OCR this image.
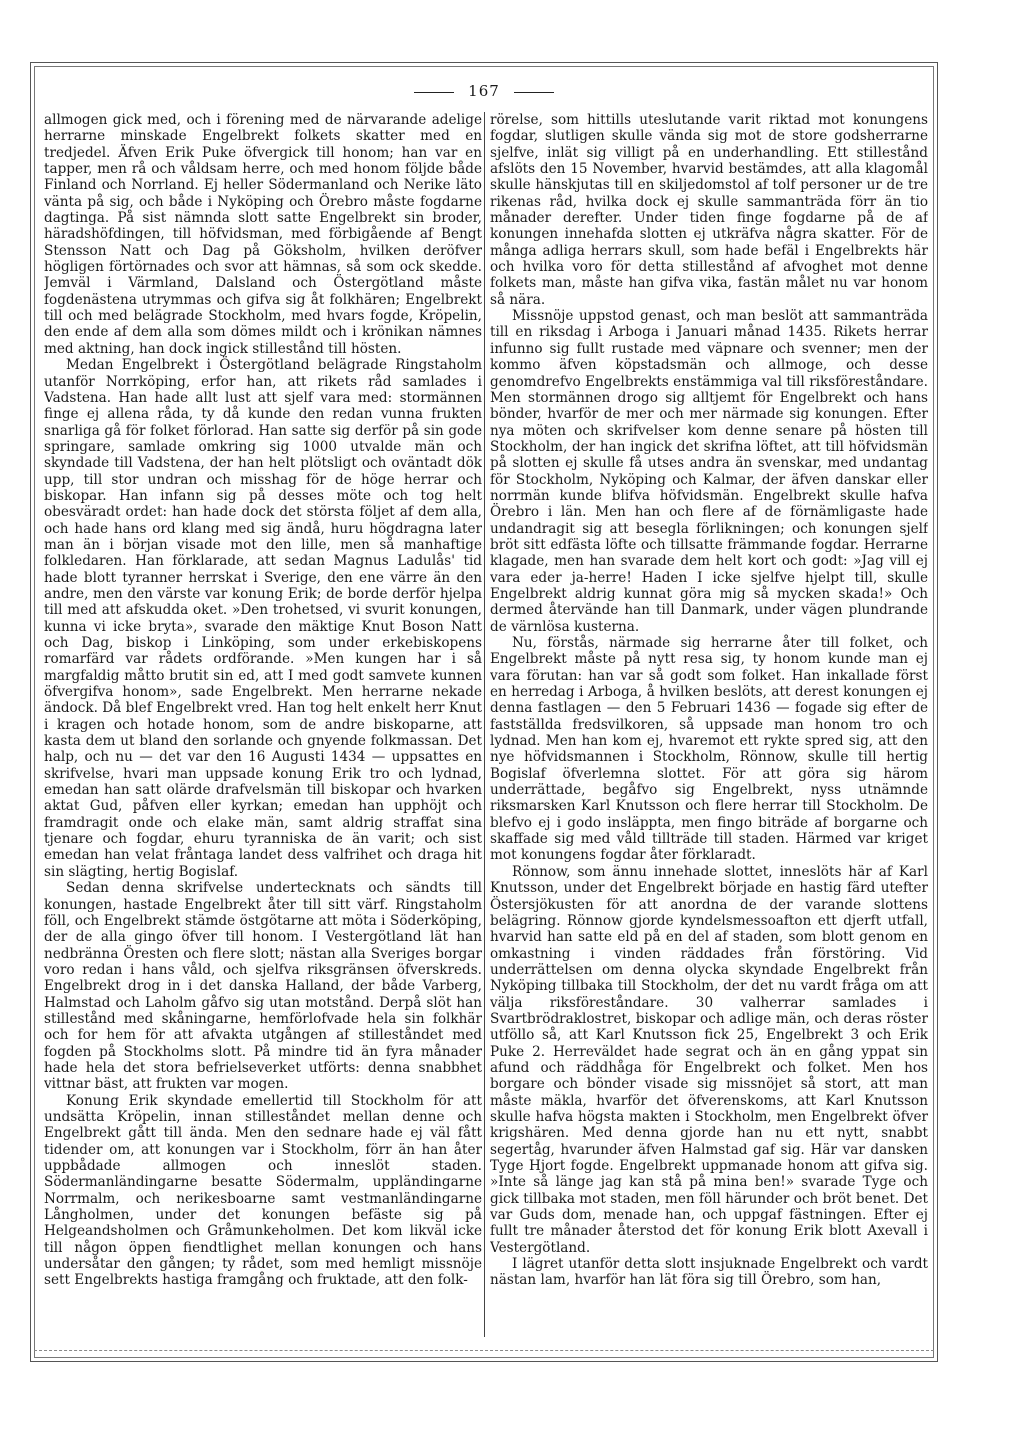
167

allmogen gick med, och i förening med de närvarande adelige herrarne minskade Engelbrekt folkets skatter med en tredjedel. Äfven Erik Puke öfvergick till honom; han var en tapper, men rå och våldsam herre, och med honom följde både Finland och Norrland. Ej heller Södermanland och Nerike läto vänta på sig, och både i Nyköping och Örebro måste fogdarne dagtinga. På sist nämnda slott satte Engelbrekt sin broder, häradshöfdingen, till höfvidsman, med förbigående af Bengt Stensson Natt och Dag på Göksholm, hvilken deröfver högligen förtörnades och svor att hämnas, så som ock skedde. Jemväl i Värmland, Dalsland och Östergötland måste fogdenästena utrymmas och gifva sig åt folkhären; Engelbrekt till och med belägrade Stockholm, med hvars fogde, Kröpelin, den ende af dem alla som dömes mildt och i krönikan nämnes med aktning, han dock ingick stillestånd till hösten.

Medan Engelbrekt i Östergötland belägrade Ringstaholm utanför Norrköping, erfor han, att rikets råd samlades i Vadstena. Han hade allt lust att sjelf vara med: stormännen finge ej allena råda, ty då kunde den redan vunna frukten snarligа gå för folket förlorad. Han satte sig derför på sin gode springare, samlade omkring sig 1000 utvalde män och skyndade till Vadstena, der han helt plötsligt och oväntadt dök upp, till stor undran och misshag för de höge herrar och biskopar. Han infann sig på desses möte och tog helt obesväradt ordet: han hade dock det största följet af dem alla, och hade hans ord klang med sig ändå, huru högdragna later man än i början visade mot den lille, men så manhaftige folkledaren. Han förklarade, att sedan Magnus Ladulås' tid hade blott tyranner herrskat i Sverige, den ene värre än den andre, men den värste var konung Erik; de borde derför hjelpa till med att afskudda oket. »Den trohetsed, vi svurit konungen, kunna vi icke bryta», svarade den mäktige Knut Boson Natt och Dag, biskop i Linköping, som under erkebiskopens romarfärd var rådets ordförande. »Men kungen har i så margfaldig måtto brutit sin ed, att I med godt samvete kunnen öfvergifva honom», sade Engelbrekt. Men herrarne nekade ändock. Då blef Engelbrekt vred. Han tog helt enkelt herr Knut i kragen och hotade honom, som de andre biskoparne, att kasta dem ut bland den sorlande och gnyende folkmassan. Det halp, och nu — det var den 16 Augusti 1434 — uppsattes en skrifvelse, hvari man uppsade konung Erik tro och lydnad, emedan han satt olärde drafvelsmän till biskopar och hvarken aktat Gud, påfven eller kyrkan; emedan han upphöjt och framdragit onde och elake män, samt aldrig straffat sina tjenare och fogdar, ehuru tyranniska de än varit; och sist emedan han velat fråntaga landet dess valfrihet och draga hit sin slägting, hertig Bogislaf.

Sedan denna skrifvelse undertecknats och sändts till konungen, hastade Engelbrekt åter till sitt värf. Ringstaholm föll, och Engelbrekt stämde östgötarne att möta i Söderköping, der de alla gingo öfver till honom. I Vestergötland lät han nedbränna Öresten och flere slott; nästan alla Sveriges borgar voro redan i hans våld, och sjelfva riksgränsen öfverskreds. Engelbrekt drog in i det danska Halland, der både Varberg, Halmstad och Laholm gåfvo sig utan motstånd. Derpå slöt han stillestånd med skåningarne, hemförlofvade hela sin folkhär och for hem för att afvakta utgången af stilleståndet med fogden på Stockholms slott. På mindre tid än fyra månader hade hela det stora befrielseverket utförts: denna snabbhet vittnar bäst, att frukten var mogen.

Konung Erik skyndade emellertid till Stockholm för att undsätta Kröpelin, innan stilleståndet mellan denne och Engelbrekt gått till ända. Men den sednare hade ej väl fått tidender om, att konungen var i Stockholm, förr än han åter uppbådade allmogen och inneslöt staden. Södermanländingarne besatte Södermalm, uppländingarne Norrmalm, och nerikesboarne samt vestmanländingarne Långholmen, under det konungen befäste sig på Helgeandsholmen och Gråmunkeholmen. Det kom likväl icke till någon öppen fiendtlighet mellan konungen och hans undersåtar den gången; ty rådet, som med hemligt missnöje sett Engelbrekts hastiga framgång och fruktade, att den folk-

rörelse, som hittills uteslutande varit riktad mot konungens fogdar, slutligen skulle vända sig mot de store godsherrarne sjelfve, inlät sig villigt på en underhandling. Ett stillestånd afslöts den 15 November, hvarvid bestämdes, att alla klagomål skulle hänskjutas till en skiljedomstol af tolf personer ur de tre rikenas råd, hvilka dock ej skulle sammanträda förr än tio månader derefter. Under tiden finge fogdarne på de af konungen innehafda slotten ej utkräfva några skatter. För de många adliga herrars skull, som hade befäl i Engelbrekts här och hvilka voro för detta stillestånd af afvoghet mot denne folkets man, måste han gifva vika, fastän målet nu var honom så nära.

Missnöje uppstod genast, och man beslöt att sammanträda till en riksdag i Arboga i Januari månad 1435. Rikets herrar infunno sig fullt rustade med väpnare och svenner; men der kommo äfven köpstadsmän och allmoge, och desse genomdrefvo Engelbrekts enstämmiga val till riksföreståndare. Men stormännen drogo sig alltjemt för Engelbrekt och hans bönder, hvarför de mer och mer närmade sig konungen. Efter nya möten och skrifvelser kom denne senare på hösten till Stockholm, der han ingick det skrifna löftet, att till höfvidsmän på slotten ej skulle få utses andra än svenskar, med undantag för Stockholm, Nyköping och Kalmar, der äfven danskar eller norrmän kunde blifva höfvidsmän. Engelbrekt skulle hafva Örebro i län. Men han och flere af de förnämligaste hade undandragit sig att besegla förlikningen; och konungen sjelf bröt sitt edfästa löfte och tillsatte främmande fogdar. Herrarne klagade, men han svarade dem helt kort och godt: »Jag vill ej vara eder ja-herre! Haden I icke sjelfve hjelpt till, skulle Engelbrekt aldrig kunnat göra mig så mycken skada!» Och dermed återvände han till Danmark, under vägen plundrande de värnlösa kusterna.

Nu, förstås, närmade sig herrarne åter till folket, och Engelbrekt måste på nytt resa sig, ty honom kunde man ej vara förutan: han var så godt som folket. Han inkallade först en herredag i Arboga, å hvilken beslöts, att derest konungen ej denna fastlagen — den 5 Februari 1436 — fogade sig efter de fastställda fredsvilkoren, så uppsade man honom tro och lydnad. Men han kom ej, hvaremot ett rykte spred sig, att den nye höfvidsmannen i Stockholm, Rönnow, skulle till hertig Bogislaf öfverlemna slottet. För att göra sig härom underrättade, begåfvo sig Engelbrekt, nyss utnämnde riksmarsken Karl Knutsson och flere herrar till Stockholm. De blefvo ej i godo insläppta, men fingo biträde af borgarne och skaffade sig med våld tillträde till staden. Härmed var kriget mot konungens fogdar åter förklaradt.

Rönnow, som ännu innehade slottet, inneslöts här af Karl Knutsson, under det Engelbrekt började en hastig färd utefter Östersjökusten för att anordna de der varande slottens belägring. Rönnow gjorde kyndelsmessoafton ett djerft utfall, hvarvid han satte eld på en del af staden, som blott genom en omkastning i vinden räddades från förstöring. Vid underrättelsen om denna olycka skyndade Engelbrekt från Nyköping tillbaka till Stockholm, der det nu vardt fråga om att välja riksföreståndare. 30 valherrar samlades i Svartbrödraklostret, biskopar och adlige män, och deras röster utföllo så, att Karl Knutsson fick 25, Engelbrekt 3 och Erik Puke 2. Herreväldet hade segrat och än en gång yppat sin afund och räddhåga för Engelbrekt och folket. Men hos borgare och bönder visade sig missnöjet så stort, att man måste mäkla, hvarför det öfverenskoms, att Karl Knutsson skulle hafva högsta makten i Stockholm, men Engelbrekt öfver krigshären. Med denna gjorde han nu ett nytt, snabbt segertåg, hvarunder äfven Halmstad gaf sig. Här var dansken Tyge Hjort fogde. Engelbrekt uppmanade honom att gifva sig. »Inte så länge jag kan stå på mina ben!» svarade Tyge och gick tillbaka mot staden, men föll härunder och bröt benet. Det var Guds dom, menade han, och uppgaf fästningen. Efter ej fullt tre månader återstod det för konung Erik blott Axevall i Vestergötland.

I lägret utanför detta slott insjuknade Engelbrekt och vardt nästan lam, hvarför han lät föra sig till Örebro, som han,
